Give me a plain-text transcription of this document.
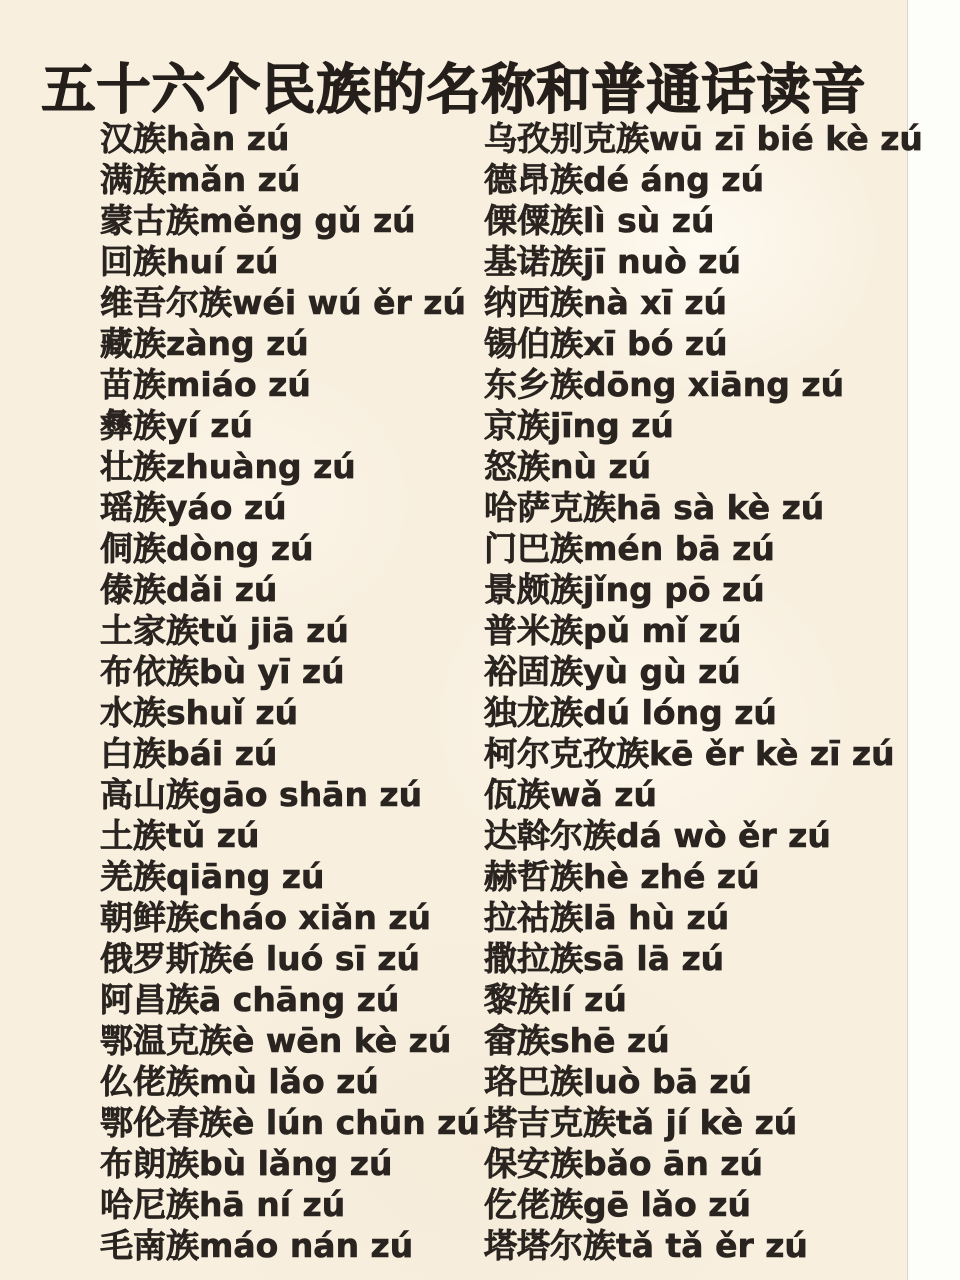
五十六个民族的名称和普通话读音
汉族hàn zú
满族mǎn zú
蒙古族měng gǔ zú
回族huí zú
维吾尔族wéi wú ěr zú
藏族zàng zú
苗族miáo zú
彝族yí zú
壮族zhuàng zú
瑶族yáo zú
侗族dòng zú
傣族dǎi zú
土家族tǔ jiā zú
布依族bù yī zú
水族shuǐ zú
白族bái zú
高山族gāo shān zú
土族tǔ zú
羌族qiāng zú
朝鲜族cháo xiǎn zú
俄罗斯族é luó sī zú
阿昌族ā chāng zú
鄂温克族è wēn kè zú
仫佬族mù lǎo zú
鄂伦春族è lún chūn zú
布朗族bù lǎng zú
哈尼族hā ní zú
毛南族máo nán zú
乌孜别克族wū zī bié kè zú
德昂族dé áng zú
傈僳族lì sù zú
基诺族jī nuò zú
纳西族nà xī zú
锡伯族xī bó zú
东乡族dōng xiāng zú
京族jīng zú
怒族nù zú
哈萨克族hā sà kè zú
门巴族mén bā zú
景颇族jǐng pō zú
普米族pǔ mǐ zú
裕固族yù gù zú
独龙族dú lóng zú
柯尔克孜族kē ěr kè zī zú
佤族wǎ zú
达斡尔族dá wò ěr zú
赫哲族hè zhé zú
拉祜族lā hù zú
撒拉族sā lā zú
黎族lí zú
畲族shē zú
珞巴族luò bā zú
塔吉克族tǎ jí kè zú
保安族bǎo ān zú
仡佬族gē lǎo zú
塔塔尔族tǎ tǎ ěr zú
